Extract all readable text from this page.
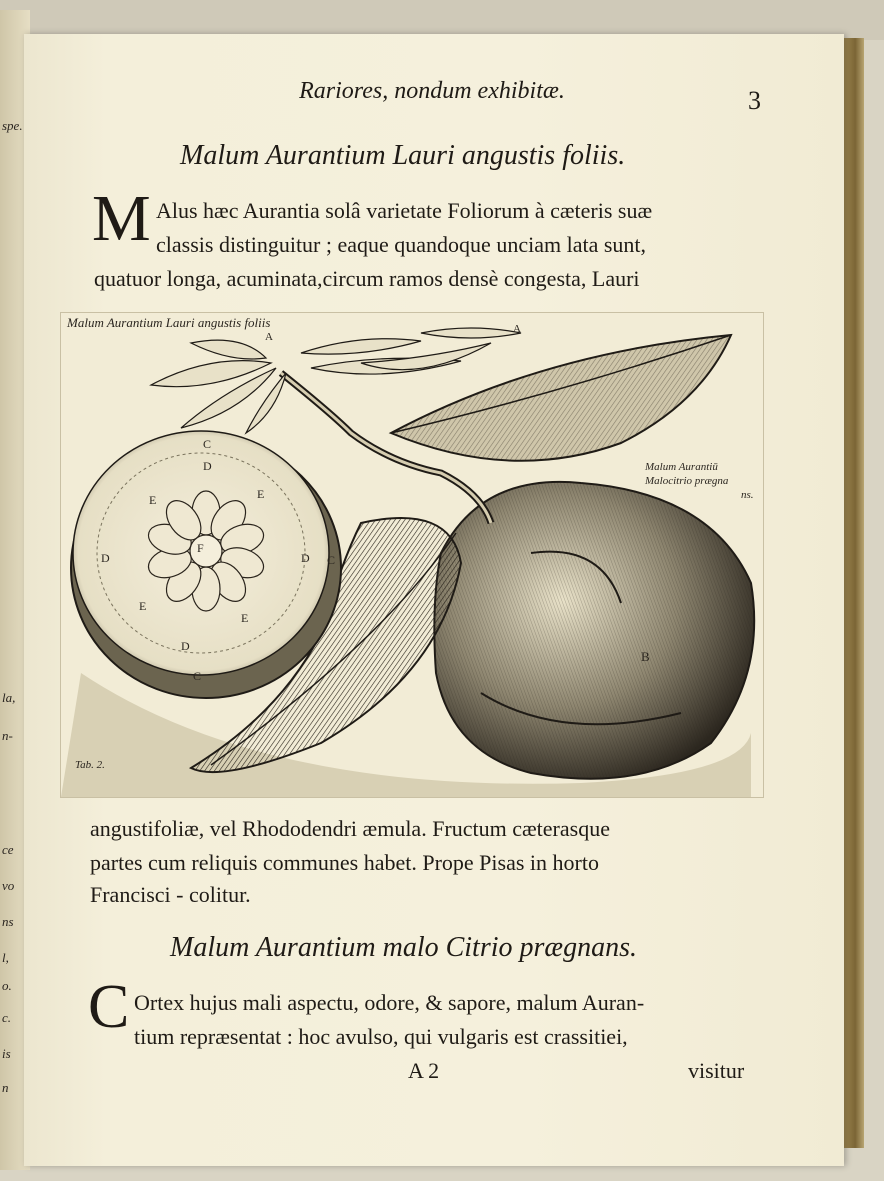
spe.
la,
n-
ce
vo
ns
l,
o.
c.
is
n
Rariores, nondum exhibitæ.	3
Malum Aurantium Lauri angustis foliis.
M Alus hæc Aurantia solâ varietate Foliorum à cæteris suæ
classis distinguitur ; eaque quandoque unciam lata sunt,
quatuor longa, acuminata,circum ramos densè congesta, Lauri
Malum Aurantium Lauri angustis foliis
Malum Aurantiū
Malocitrio prægna
ns.
Tab. 2.
A
A
B
C
C
C
D
D	D
D
E	E
E
E
F
angustifoliæ, vel Rhododendri æmula. Fructum cæterasque
partes cum reliquis communes habet. Prope Pisas in horto
Francisci - colitur.
Malum Aurantium malo Citrio prægnans.
C Ortex hujus mali aspectu, odore, & sapore, malum Auran-
tium repræsentat : hoc avulso, qui vulgaris est crassitiei,
A 2	visitur
